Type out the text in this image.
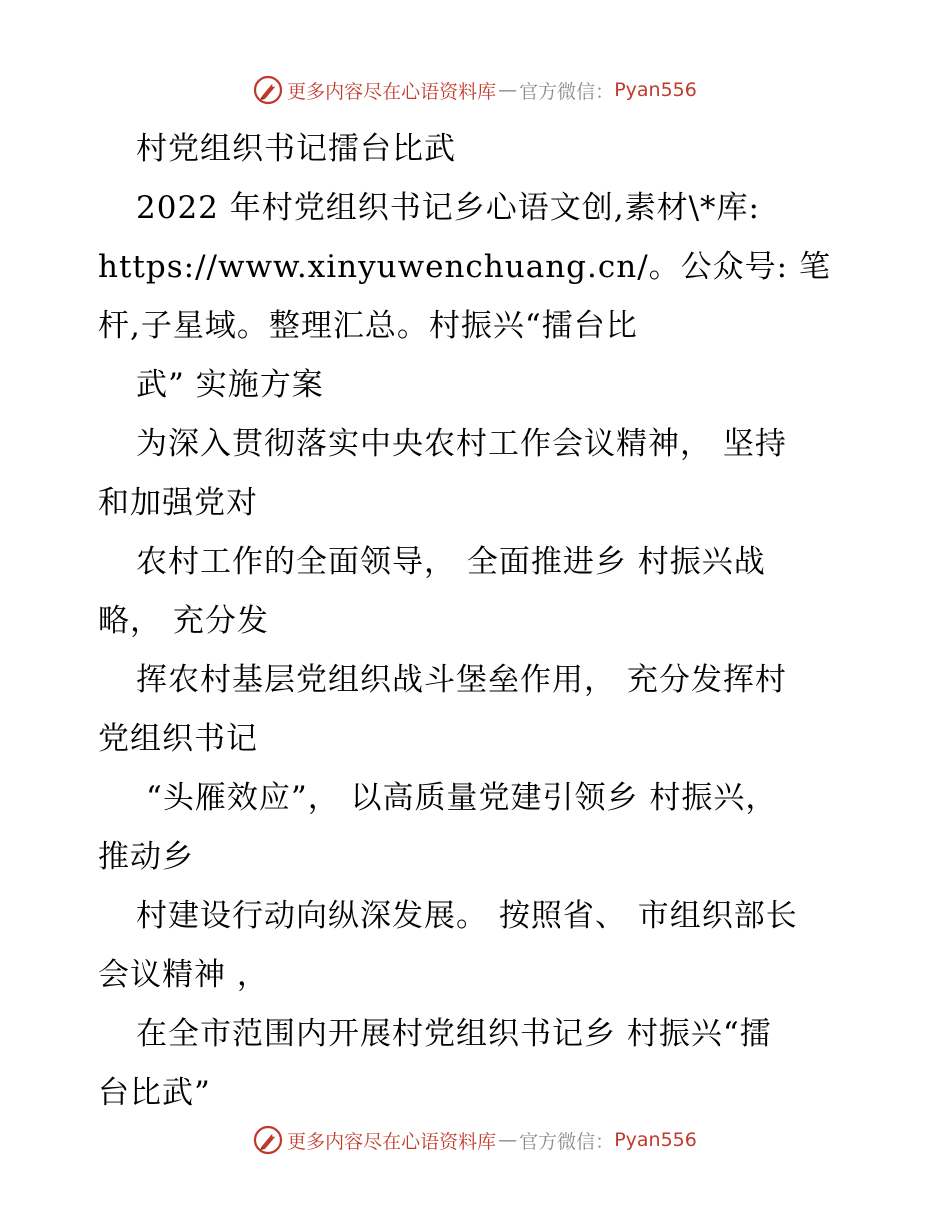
更多内容尽在心语资料库 — 官方微信： Pyan556
村党组织书记擂台比武
2022 年村党组织书记乡心语文创,素材\*库:
https://www.xinyuwenchuang.cn/。公众号: 笔
杆,子星域。整理汇总。村振兴“擂台比
武” 实施方案
为深入贯彻落实中央农村工作会议精神， 坚持
和加强党对
农村工作的全面领导， 全面推进乡 村振兴战
略， 充分发
挥农村基层党组织战斗堡垒作用， 充分发挥村
党组织书记
“头雁效应”， 以高质量党建引领乡 村振兴，
推动乡
村建设行动向纵深发展。 按照省、 市组织部长
会议精神 ，
在全市范围内开展村党组织书记乡 村振兴“擂
台比武”
更多内容尽在心语资料库 — 官方微信： Pyan556
